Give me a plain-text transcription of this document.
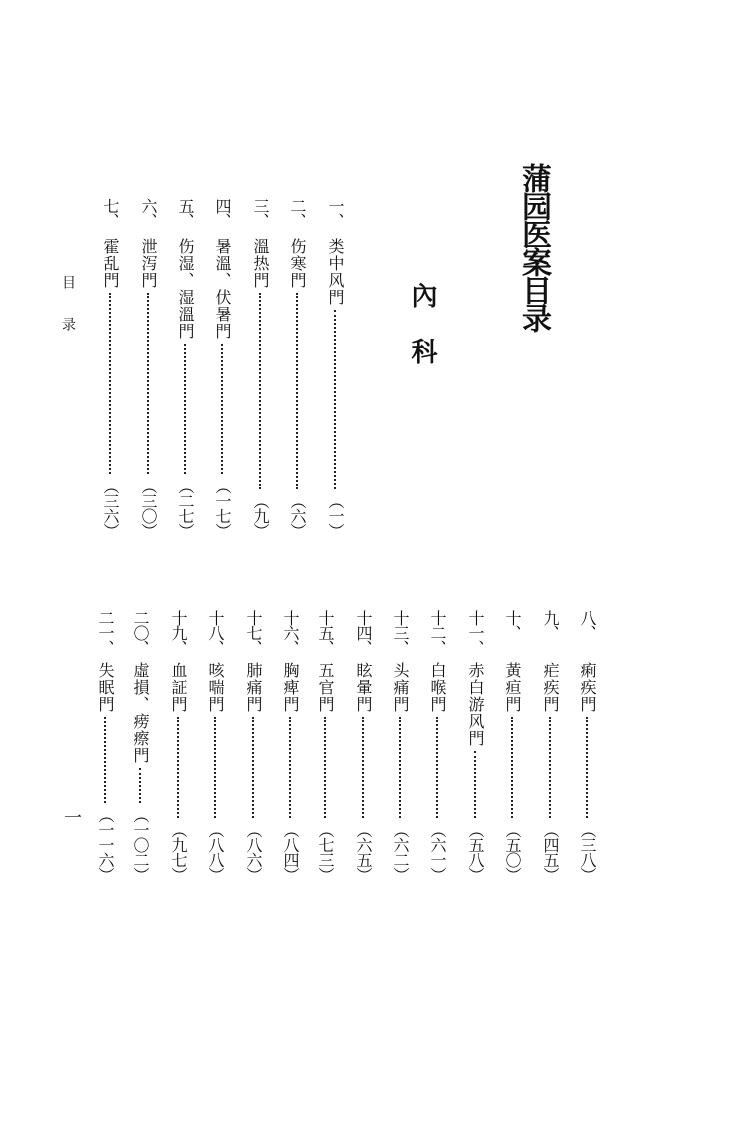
蒲园医案目录
內科
一、
类中风門
（一）
二、
伤寒門
（六）
三、
溫热門
（九）
四、
暑溫、伏暑門
（一七）
五、
伤湿、湿溫門
（二七）
六、
泄泻門
（三〇）
七、
霍乱門
（三六）
八、
痢疾門
（三八）
九、
疟疾門
（四五）
十、
黃疸門
（五〇）
十一、
赤白游风門
（五八）
十二、
白喉門
（六一）
十三、
头痛門
（六二）
十四、
眩暈門
（六五）
十五、
五官門
（七三）
十六、
胸痺門
（八四）
十七、
肺痛門
（八六）
十八、
咳喘門
（八八）
十九、
血証門
（九七）
二〇、
虛損、痨瘵門
（一〇二）
二一、
失眠門
（一一六）
目录
一
